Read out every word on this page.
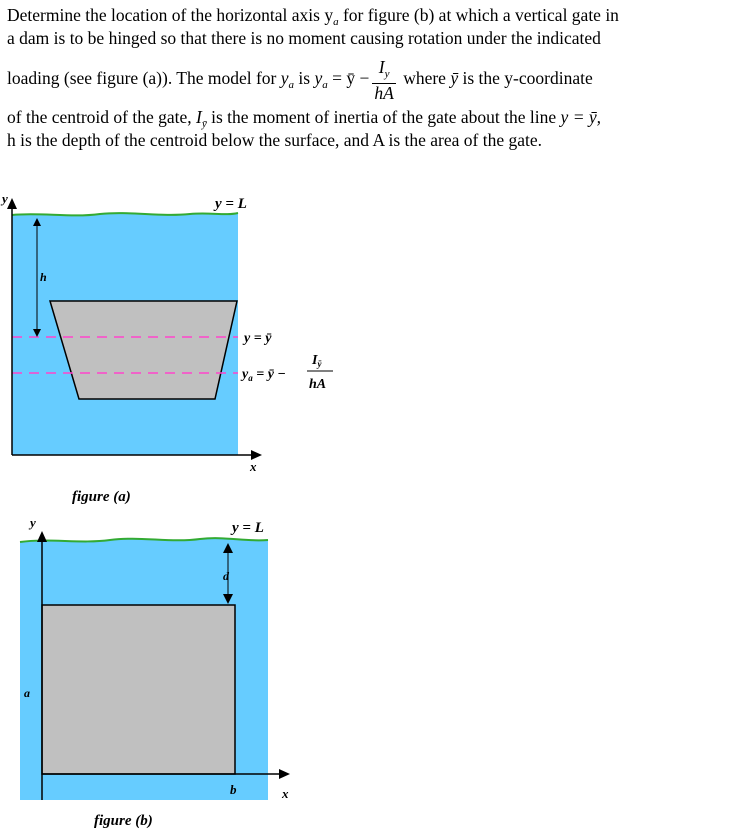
Determine the location of the horizontal axis $y_a$ for figure (b) at which a vertical gate in
a dam is to be hinged so that there is no moment causing rotation under the indicated
loading (see figure (a)). The model for $y_a$ is $y_a$ = ȳ − $\frac{I_y}{hA}$ where ȳ is the y-coordinate
of the centroid of the gate, $I_ȳ$ is the moment of inertia of the gate about the line y = ȳ,
h is the depth of the centroid below the surface, and A is the area of the gate.
y	y = L
h
y = ȳ
$y_a$ = ȳ −
$I_ȳ$
hA
x
figure (a)
y	y = L
d
a
b	x
figure (b)
